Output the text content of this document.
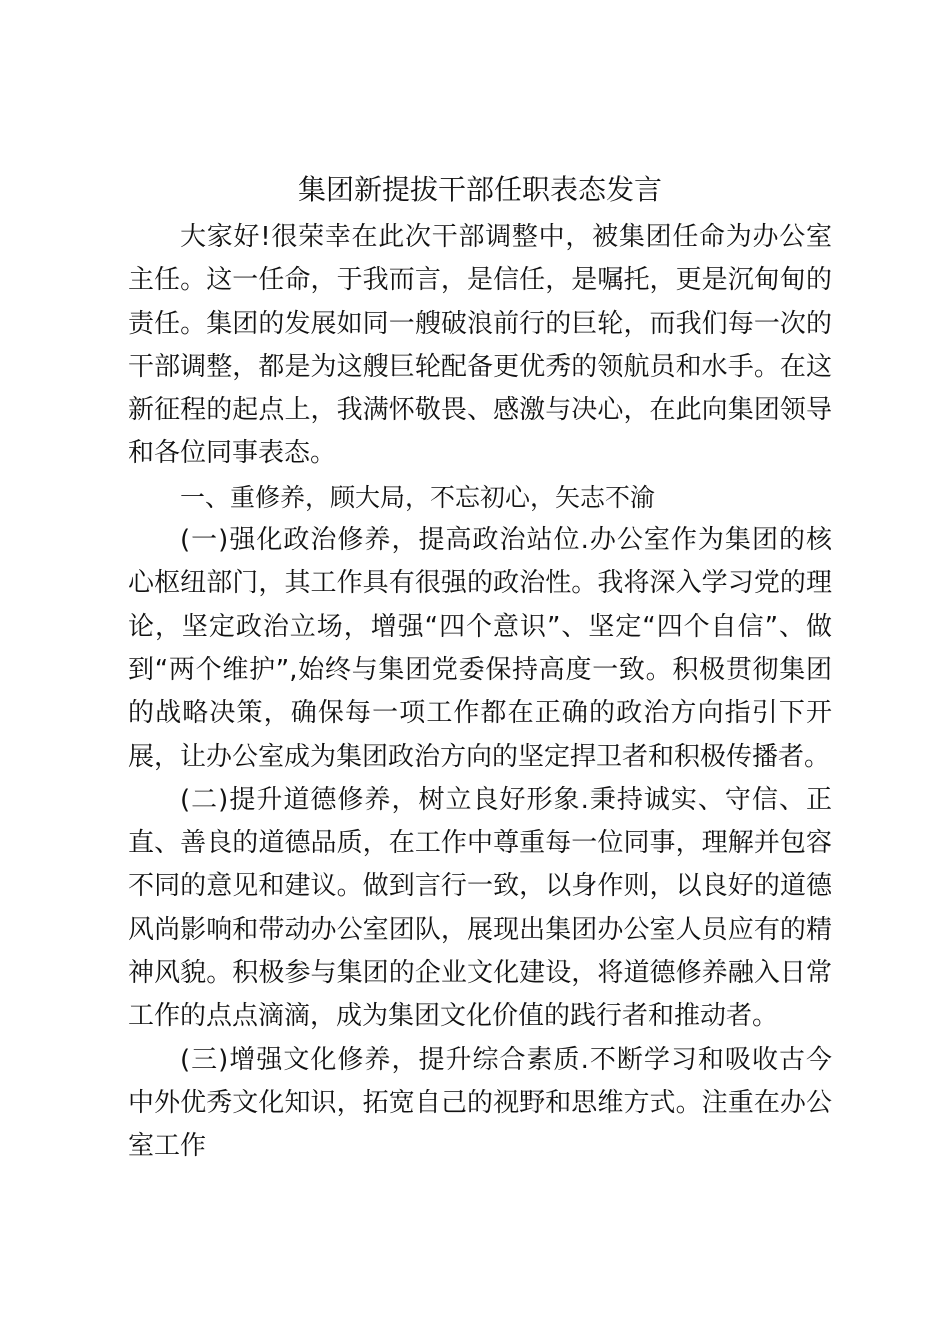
集团新提拔干部任职表态发言

大家好!很荣幸在此次干部调整中，被集团任命为办公室主任。这一任命，于我而言，是信任，是嘱托，更是沉甸甸的责任。集团的发展如同一艘破浪前行的巨轮，而我们每一次的干部调整，都是为这艘巨轮配备更优秀的领航员和水手。在这新征程的起点上，我满怀敬畏、感激与决心，在此向集团领导和各位同事表态。

一、重修养，顾大局，不忘初心，矢志不渝

(一)强化政治修养，提高政治站位.办公室作为集团的核心枢纽部门，其工作具有很强的政治性。我将深入学习党的理论，坚定政治立场，增强“四个意识”、坚定“四个自信”、做到“两个维护”,始终与集团党委保持高度一致。积极贯彻集团的战略决策，确保每一项工作都在正确的政治方向指引下开展，让办公室成为集团政治方向的坚定捍卫者和积极传播者。

(二)提升道德修养，树立良好形象.秉持诚实、守信、正直、善良的道德品质，在工作中尊重每一位同事，理解并包容不同的意见和建议。做到言行一致，以身作则，以良好的道德风尚影响和带动办公室团队，展现出集团办公室人员应有的精神风貌。积极参与集团的企业文化建设，将道德修养融入日常工作的点点滴滴，成为集团文化价值的践行者和推动者。

(三)增强文化修养，提升综合素质.不断学习和吸收古今中外优秀文化知识，拓宽自己的视野和思维方式。注重在办公室工作
